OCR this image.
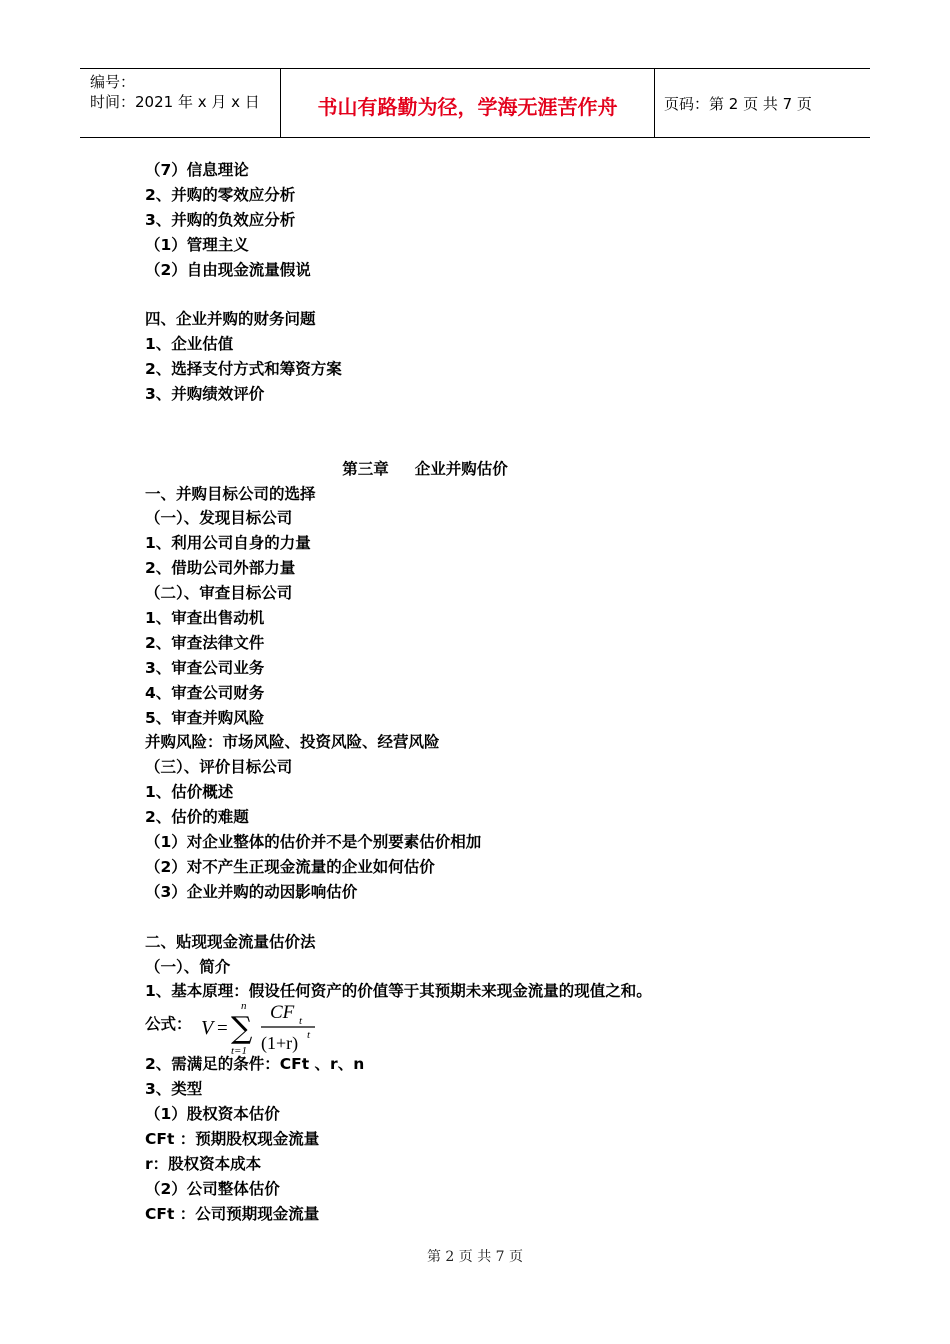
编号：
时间：2021 年 x 月 x 日	书山有路勤为径，学海无涯苦作舟	页码：第 2 页 共 7 页
（7）信息理论
2、并购的零效应分析
3、并购的负效应分析
（1）管理主义
（2）自由现金流量假说
四、企业并购的财务问题
1、企业估值
2、选择支付方式和筹资方案
3、并购绩效评价
第三章 企业并购估价
一、并购目标公司的选择
（一）、发现目标公司
1、利用公司自身的力量
2、借助公司外部力量
（二）、审查目标公司
1、审查出售动机
2、审查法律文件
3、审查公司业务
4、审查公司财务
5、审查并购风险
并购风险：市场风险、投资风险、经营风险
（三）、评价目标公司
1、估价概述
2、估价的难题
（1）对企业整体的估价并不是个别要素估价相加
（2）对不产生正现金流量的企业如何估价
（3）企业并购的动因影响估价
二、贴现现金流量估价法
（一）、简介
1、基本原理：假设任何资产的价值等于其预期未来现金流量的现值之和。
公式： V =
n
∑
t=1
CF t
(1+r) t
2、需满足的条件：CFt 、r、n
3、类型
（1）股权资本估价
CFt ：预期股权现金流量
r：股权资本成本
（2）公司整体估价
CFt ：公司预期现金流量
第 2 页 共 7 页
